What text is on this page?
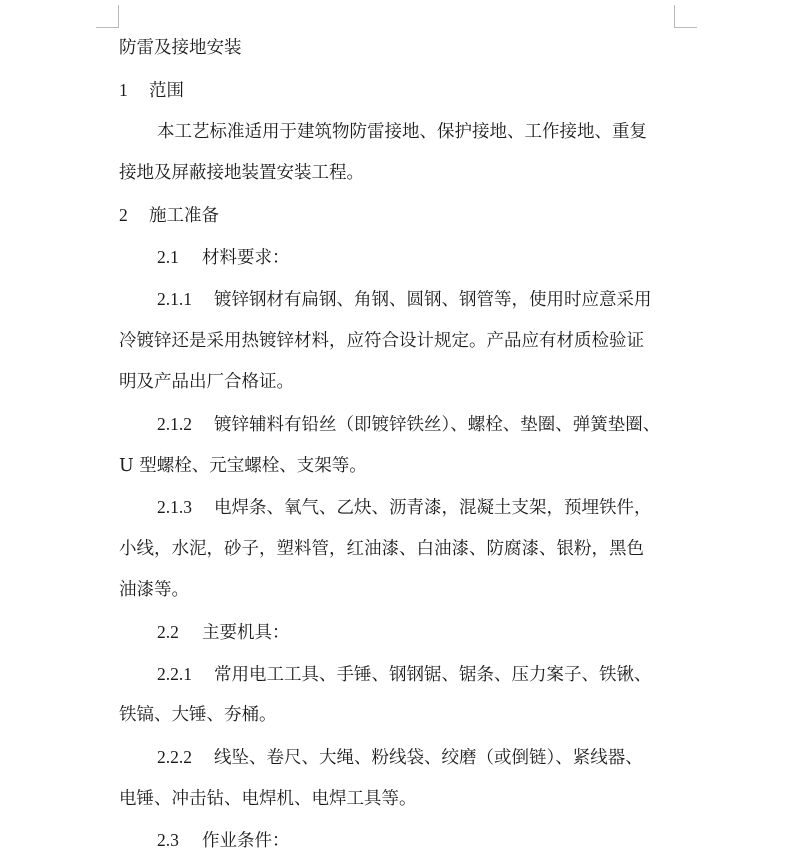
防雷及接地安装
1 范围
本工艺标准适用于建筑物防雷接地、保护接地、工作接地、重复
接地及屏蔽接地装置安装工程。
2 施工准备
2.1 材料要求：
2.1.1 镀锌钢材有扁钢、角钢、圆钢、钢管等，使用时应意采用
冷镀锌还是采用热镀锌材料，应符合设计规定。产品应有材质检验证
明及产品出厂合格证。
2.1.2 镀锌辅料有铅丝（即镀锌铁丝）、螺栓、垫圈、弹簧垫圈、
U 型螺栓、元宝螺栓、支架等。
2.1.3 电焊条、氧气、乙炔、沥青漆，混凝土支架，预埋铁件，
小线，水泥，砂子，塑料管，红油漆、白油漆、防腐漆、银粉，黑色
油漆等。
2.2 主要机具：
2.2.1 常用电工工具、手锤、钢钢锯、锯条、压力案子、铁锹、
铁镐、大锤、夯桶。
2.2.2 线坠、卷尺、大绳、粉线袋、绞磨（或倒链）、紧线器、
电锤、冲击钻、电焊机、电焊工具等。
2.3 作业条件：
